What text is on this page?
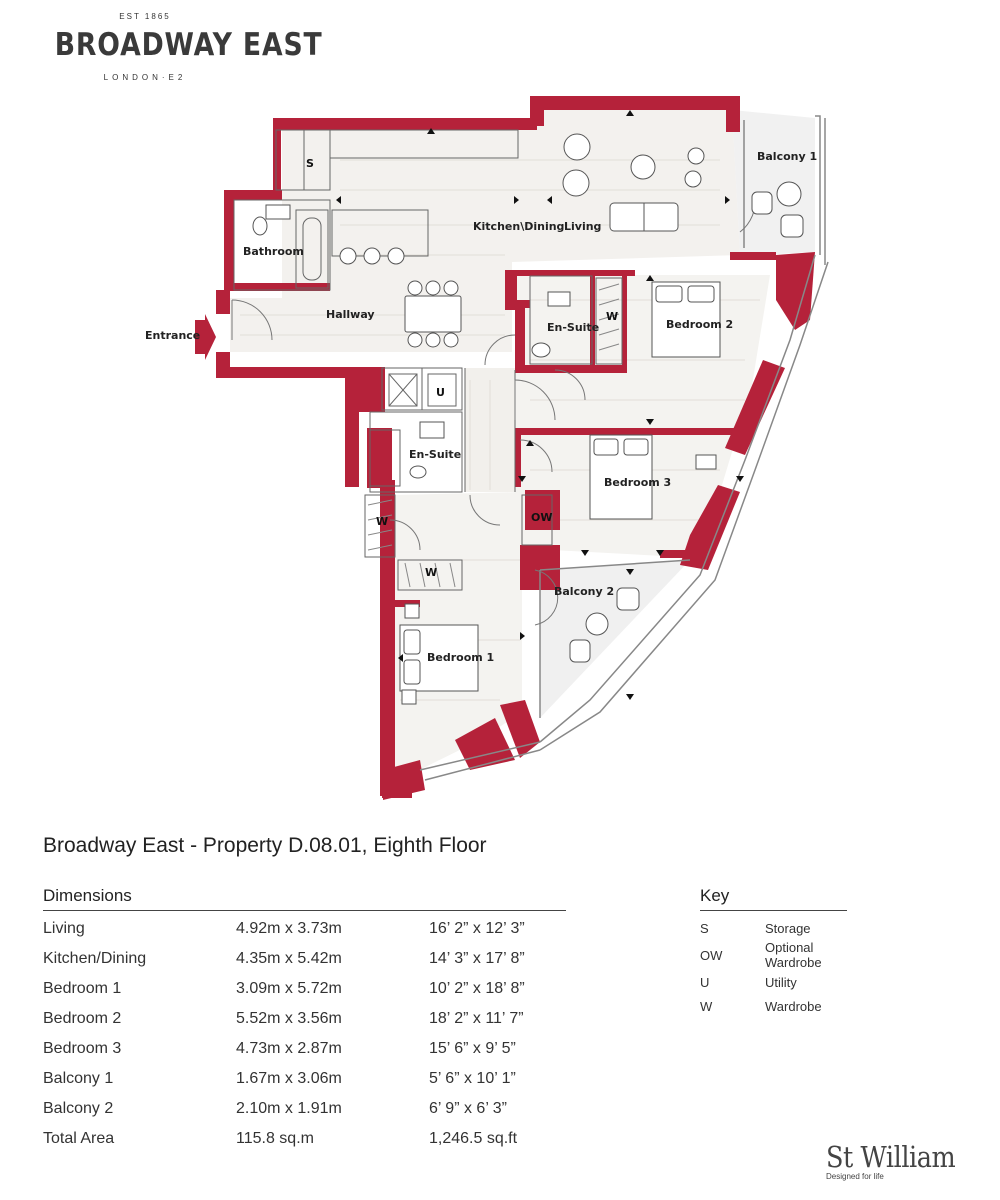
EST 1865
BROADWAY EAST
LONDON·E2
Balcony 1
Kitchen\Dining Living
Bathroom
S
Entrance
Hallway
En-Suite	Bedroom 2
W
U
En-Suite
Bedroom 3
OW
W
W
Balcony 2
Bedroom 1
Broadway East - Property D.08.01, Eighth Floor
Dimensions
Living	4.92m x 3.73m	16’ 2” x 12’ 3”
Kitchen/Dining	4.35m x 5.42m	14’ 3” x 17’ 8”
Bedroom 1	3.09m x 5.72m	10’ 2” x 18’ 8”
Bedroom 2	5.52m x 3.56m	18’ 2” x 11’ 7”
Bedroom 3	4.73m x 2.87m	15’ 6” x 9’ 5”
Balcony 1	1.67m x 3.06m	5’ 6” x 10’ 1”
Balcony 2	2.10m x 1.91m	6’ 9” x 6’ 3”
Total Area	115.8 sq.m	1,246.5 sq.ft
Key
S	Storage
OW	Optional Wardrobe
U	Utility
W	Wardrobe
St William
Designed for life
